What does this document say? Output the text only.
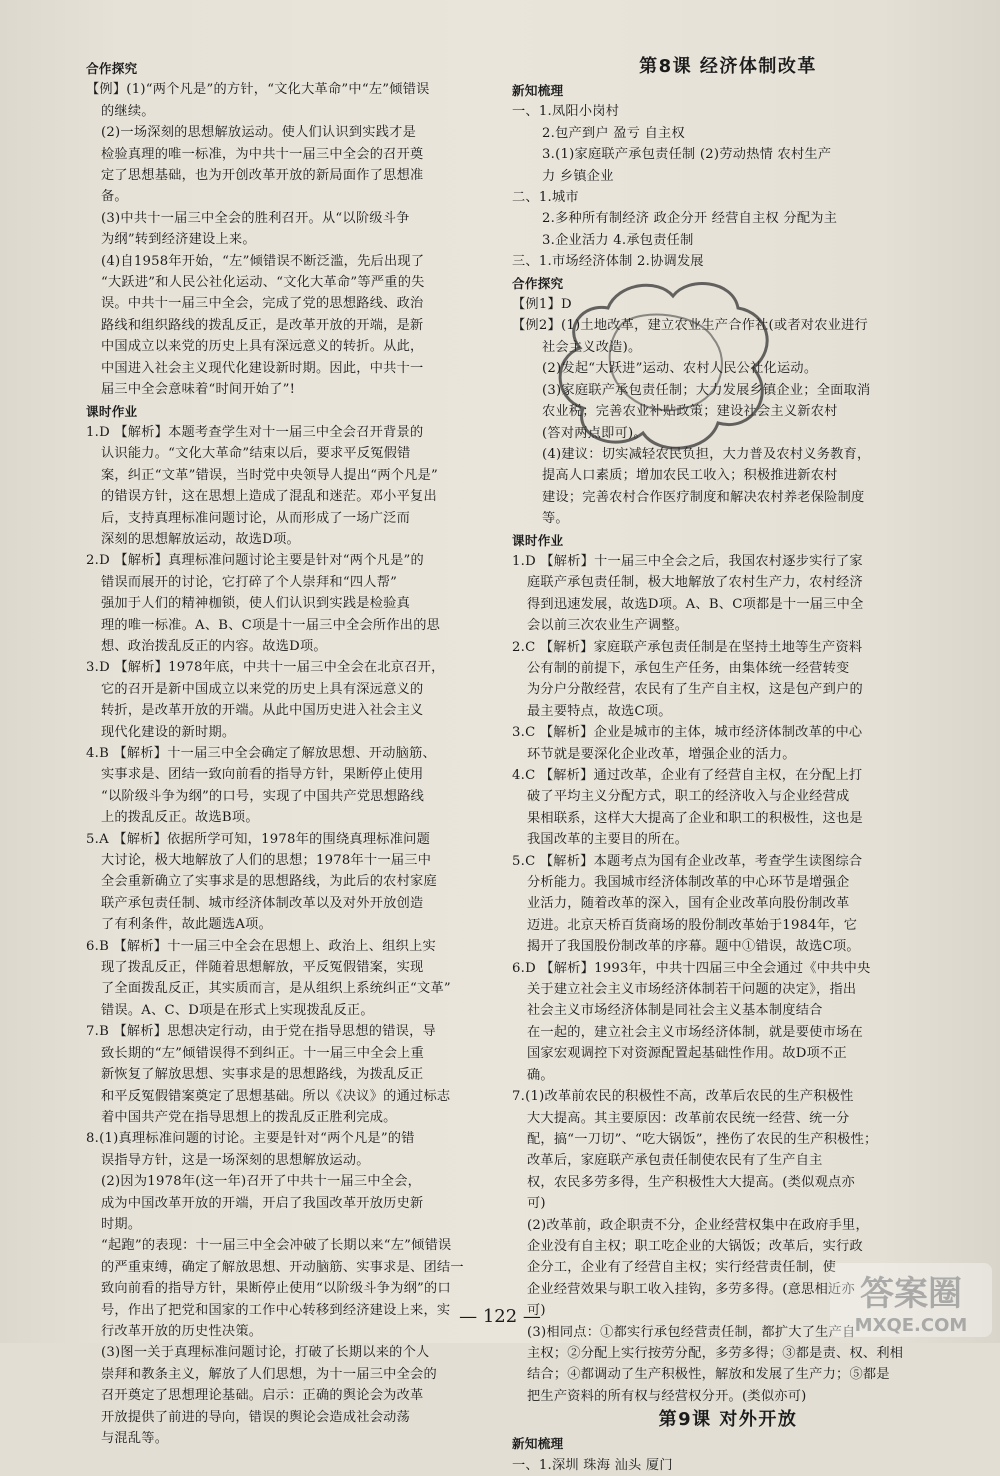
合作探究

【例】(1)“两个凡是”的方针，“文化大革命”中“左”倾错误

的继续。

(2)一场深刻的思想解放运动。使人们认识到实践才是

检验真理的唯一标准，为中共十一届三中全会的召开奠

定了思想基础，也为开创改革开放的新局面作了思想准

备。

(3)中共十一届三中全会的胜利召开。从“以阶级斗争

为纲”转到经济建设上来。

(4)自1958年开始，“左”倾错误不断泛滥，先后出现了

“大跃进”和人民公社化运动、“文化大革命”等严重的失

误。中共十一届三中全会，完成了党的思想路线、政治

路线和组织路线的拨乱反正，是改革开放的开端，是新

中国成立以来党的历史上具有深远意义的转折。从此，

中国进入社会主义现代化建设新时期。因此，中共十一

届三中全会意味着“时间开始了”!

课时作业

1.D 【解析】本题考查学生对十一届三中全会召开背景的

认识能力。“文化大革命”结束以后，要求平反冤假错

案，纠正“文革”错误，当时党中央领导人提出“两个凡是”

的错误方针，这在思想上造成了混乱和迷茫。邓小平复出

后，支持真理标准问题讨论，从而形成了一场广泛而

深刻的思想解放运动，故选D项。

2.D 【解析】真理标准问题讨论主要是针对“两个凡是”的

错误而展开的讨论，它打碎了个人崇拜和“四人帮”

强加于人们的精神枷锁，使人们认识到实践是检验真

理的唯一标准。A、B、C项是十一届三中全会所作出的思

想、政治拨乱反正的内容。故选D项。

3.D 【解析】1978年底，中共十一届三中全会在北京召开，

它的召开是新中国成立以来党的历史上具有深远意义的

转折，是改革开放的开端。从此中国历史进入社会主义

现代化建设的新时期。

4.B 【解析】十一届三中全会确定了解放思想、开动脑筋、

实事求是、团结一致向前看的指导方针，果断停止使用

“以阶级斗争为纲”的口号，实现了中国共产党思想路线

上的拨乱反正。故选B项。

5.A 【解析】依据所学可知，1978年的围绕真理标准问题

大讨论，极大地解放了人们的思想；1978年十一届三中

全会重新确立了实事求是的思想路线，为此后的农村家庭

联产承包责任制、城市经济体制改革以及对外开放创造

了有利条件，故此题选A项。

6.B 【解析】十一届三中全会在思想上、政治上、组织上实

现了拨乱反正，伴随着思想解放，平反冤假错案，实现

了全面拨乱反正，其实质而言，是从组织上系统纠正“文革”

错误。A、C、D项是在形式上实现拨乱反正。

7.B 【解析】思想决定行动，由于党在指导思想的错误，导

致长期的“左”倾错误得不到纠正。十一届三中全会上重

新恢复了解放思想、实事求是的思想路线，为拨乱反正

和平反冤假错案奠定了思想基础。所以《决议》的通过标志

着中国共产党在指导思想上的拨乱反正胜利完成。

8.(1)真理标准问题的讨论。主要是针对“两个凡是”的错

误指导方针，这是一场深刻的思想解放运动。

(2)因为1978年(这一年)召开了中共十一届三中全会，

成为中国改革开放的开端，开启了我国改革开放历史新

时期。

“起跑”的表现：十一届三中全会冲破了长期以来“左”倾错误

的严重束缚，确定了解放思想、开动脑筋、实事求是、团结一

致向前看的指导方针，果断停止使用“以阶级斗争为纲”的口

号，作出了把党和国家的工作中心转移到经济建设上来，实

行改革开放的历史性决策。

(3)图一关于真理标准问题讨论，打破了长期以来的个人

崇拜和教条主义，解放了人们思想，为十一届三中全会的

召开奠定了思想理论基础。启示：正确的舆论会为改革

开放提供了前进的导向，错误的舆论会造成社会动荡

与混乱等。

第8课 经济体制改革

新知梳理

一、1.凤阳小岗村

2.包产到户 盈亏 自主权

3.(1)家庭联产承包责任制 (2)劳动热情 农村生产

力 乡镇企业

二、1.城市

2.多种所有制经济 政企分开 经营自主权 分配为主

3.企业活力 4.承包责任制

三、1.市场经济体制 2.协调发展

合作探究

【例1】D

【例2】(1)土地改革，建立农业生产合作社(或者对农业进行

社会主义改造)。

(2)发起“大跃进”运动、农村人民公社化运动。

(3)家庭联产承包责任制；大力发展乡镇企业；全面取消

农业税；完善农业补贴政策；建设社会主义新农村

(答对两点即可)。

(4)建议：切实减轻农民负担，大力普及农村义务教育，

提高人口素质；增加农民工收入；积极推进新农村

建设；完善农村合作医疗制度和解决农村养老保险制度

等。

课时作业

1.D 【解析】十一届三中全会之后，我国农村逐步实行了家

庭联产承包责任制，极大地解放了农村生产力，农村经济

得到迅速发展，故选D项。A、B、C项都是十一届三中全

会以前三次农业生产调整。

2.C 【解析】家庭联产承包责任制是在坚持土地等生产资料

公有制的前提下，承包生产任务，由集体统一经营转变

为分户分散经营，农民有了生产自主权，这是包产到户的

最主要特点，故选C项。

3.C 【解析】企业是城市的主体，城市经济体制改革的中心

环节就是要深化企业改革，增强企业的活力。

4.C 【解析】通过改革，企业有了经营自主权，在分配上打

破了平均主义分配方式，职工的经济收入与企业经营成

果相联系，这样大大提高了企业和职工的积极性，这也是

我国改革的主要目的所在。

5.C 【解析】本题考点为国有企业改革，考查学生读图综合

分析能力。我国城市经济体制改革的中心环节是增强企

业活力，随着改革的深入，国有企业改革向股份制改革

迈进。北京天桥百货商场的股份制改革始于1984年，它

揭开了我国股份制改革的序幕。题中①错误，故选C项。

6.D 【解析】1993年，中共十四届三中全会通过《中共中央

关于建立社会主义市场经济体制若干问题的决定》，指出

社会主义市场经济体制是同社会主义基本制度结合

在一起的，建立社会主义市场经济体制，就是要使市场在

国家宏观调控下对资源配置起基础性作用。故D项不正

确。

7.(1)改革前农民的积极性不高，改革后农民的生产积极性

大大提高。其主要原因：改革前农民统一经营、统一分

配，搞“一刀切”、“吃大锅饭”，挫伤了农民的生产积极性；

改革后，家庭联产承包责任制使农民有了生产自主

权，农民多劳多得，生产积极性大大提高。(类似观点亦

可)

(2)改革前，政企职责不分，企业经营权集中在政府手里，

企业没有自主权；职工吃企业的大锅饭；改革后，实行政

企分工，企业有了经营自主权；实行经营责任制，使

企业经营效果与职工收入挂钩，多劳多得。(意思相近亦

可)

(3)相同点：①都实行承包经营责任制，都扩大了生产自

主权；②分配上实行按劳分配，多劳多得；③都是责、权、利相

结合；④都调动了生产积极性，解放和发展了生产力；⑤都是

把生产资料的所有权与经营权分开。(类似亦可)

第9课 对外开放

新知梳理

一、1.深圳 珠海 汕头 厦门

— 122 —
答案圈
MXQE.COM
